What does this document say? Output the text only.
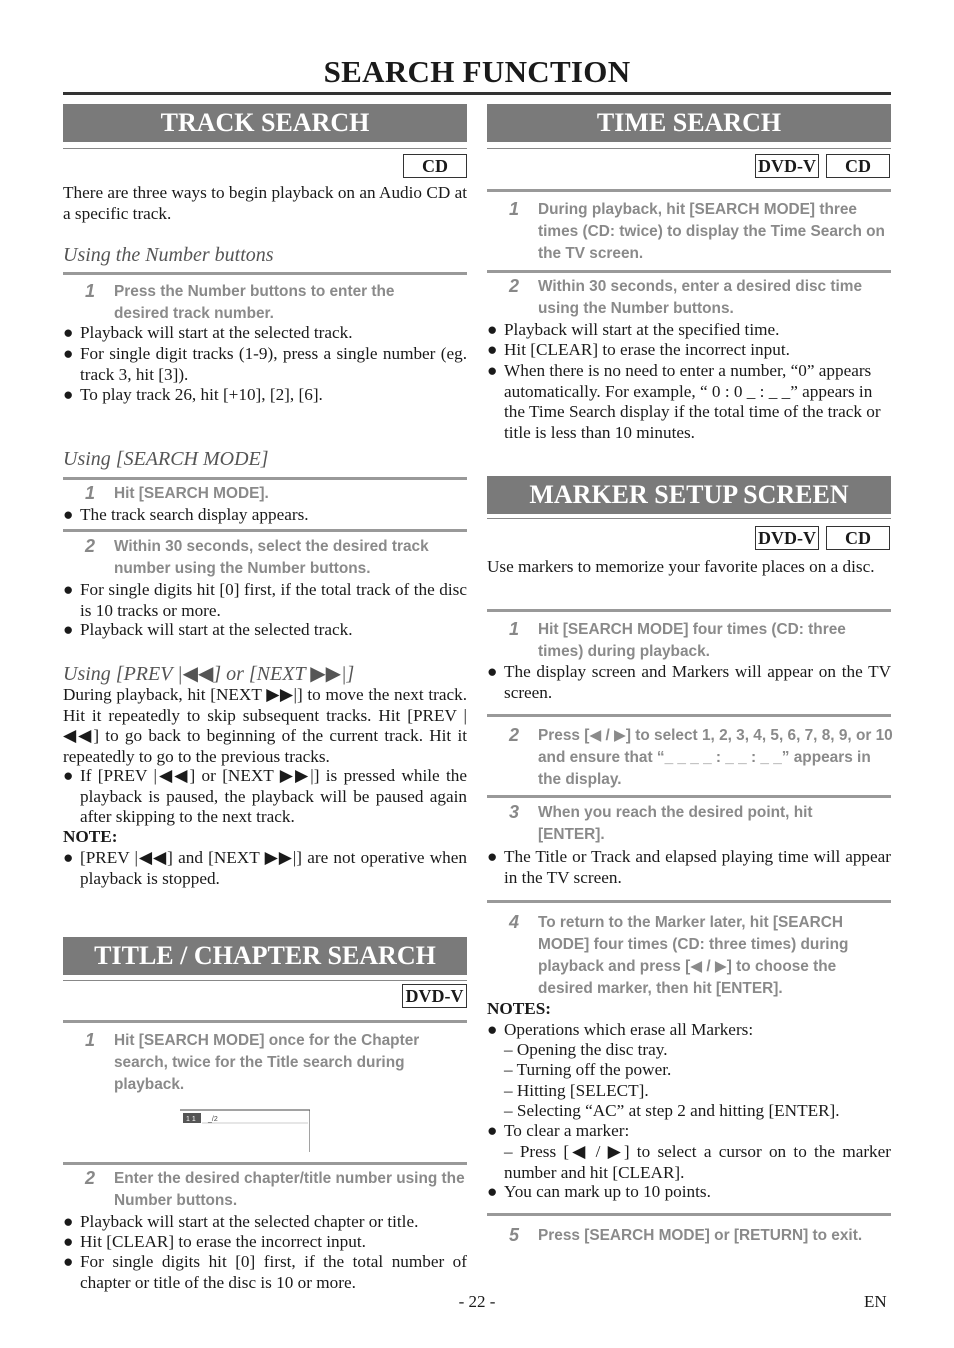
SEARCH FUNCTION
TRACK SEARCH
CD
There are three ways to begin playback on an Audio CD at a specific track.
Using the Number buttons
1 Press the Number buttons to enter the desired track number.
● Playback will start at the selected track.
● For single digit tracks (1-9), press a single number (eg. track 3, hit [3]).
● To play track 26, hit [+10], [2], [6].
Using [SEARCH MODE]
1 Hit [SEARCH MODE].
● The track search display appears.
2 Within 30 seconds, select the desired track number using the Number buttons.
● For single digits hit [0] first, if the total track of the disc is 10 tracks or more.
● Playback will start at the selected track.
Using [PREV |◀◀] or [NEXT ▶▶|]
During playback, hit [NEXT ▶▶|] to move the next track. Hit it repeatedly to skip subsequent tracks. Hit [PREV |◀◀] to go back to beginning of the current track. Hit it repeatedly to go to the previous tracks.
● If [PREV |◀◀] or [NEXT ▶▶|] is pressed while the playback is paused, the playback will be paused again after skipping to the next track.
NOTE:
● [PREV |◀◀] and [NEXT ▶▶|] are not operative when playback is stopped.
TITLE / CHAPTER SEARCH
DVD-V
1 Hit [SEARCH MODE] once for the Chapter search, twice for the Title search during playback.
1 1 _/2
2 Enter the desired chapter/title number using the Number buttons.
● Playback will start at the selected chapter or title.
● Hit [CLEAR] to erase the incorrect input.
● For single digits hit [0] first, if the total number of chapter or title of the disc is 10 or more.
TIME SEARCH
DVD-V	CD
1 During playback, hit [SEARCH MODE] three times (CD: twice) to display the Time Search on the TV screen.
2 Within 30 seconds, enter a desired disc time using the Number buttons.
● Playback will start at the specified time.
● Hit [CLEAR] to erase the incorrect input.
● When there is no need to enter a number, “0” appears automatically. For example, “ 0 : 0 _ : _ _” appears in the Time Search display if the total time of the track or title is less than 10 minutes.
MARKER SETUP SCREEN
DVD-V	CD
Use markers to memorize your favorite places on a disc.
1 Hit [SEARCH MODE] four times (CD: three times) during playback.
● The display screen and Markers will appear on the TV screen.
2 Press [◀ / ▶] to select 1, 2, 3, 4, 5, 6, 7, 8, 9, or 10 and ensure that “_ _ _ _ : _ _ : _ _” appears in the display.
3 When you reach the desired point, hit [ENTER].
● The Title or Track and elapsed playing time will appear in the TV screen.
4 To return to the Marker later, hit [SEARCH MODE] four times (CD: three times) during playback and press [◀ / ▶] to choose the desired marker, then hit [ENTER].
NOTES:
● Operations which erase all Markers:
– Opening the disc tray.
– Turning off the power.
– Hitting [SELECT].
– Selecting “AC” at step 2 and hitting [ENTER].
● To clear a marker:
– Press [◀ / ▶] to select a cursor on to the marker number and hit [CLEAR].
● You can mark up to 10 points.
5 Press [SEARCH MODE] or [RETURN] to exit.
- 22 -	EN
